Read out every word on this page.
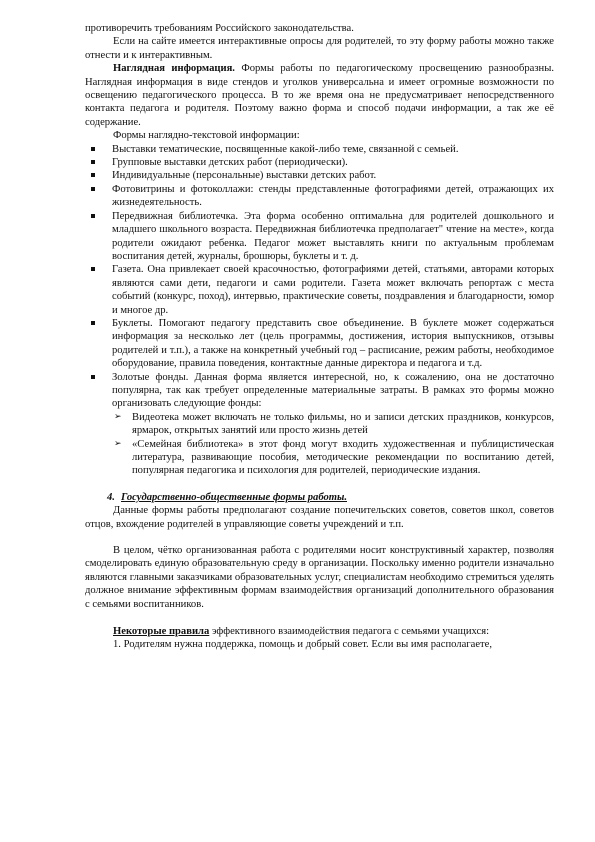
противоречить требованиям Российского законодательства.

Если на сайте имеется интерактивные опросы для родителей, то эту форму работы можно также отнести и к интерактивным.

Наглядная информация. Формы работы по педагогическому просвещению разнообразны. Наглядная информация в виде стендов и уголков универсальна и имеет огромные возможности по освещению педагогического процесса. В то же время она не предусматривает непосредственного контакта педагога и родителя. Поэтому важно форма и способ подачи информации, а так же её содержание.

Формы наглядно-текстовой информации:

Выставки тематические, посвященные какой-либо теме, связанной с семьей.
Групповые выставки детских работ (периодически).
Индивидуальные (персональные) выставки детских работ.
Фотовитрины и фотоколлажи: стенды представленные фотографиями детей, отражающих их жизнедеятельность.
Передвижная библиотечка. Эта форма особенно оптимальна для родителей дошкольного и младшего школьного возраста. Передвижная библиотечка предполагает" чтение на месте», когда родители ожидают ребенка. Педагог может выставлять книги по актуальным проблемам воспитания детей, журналы, брошюры, буклеты и т. д.
Газета. Она привлекает своей красочностью, фотографиями детей, статьями, авторами которых являются сами дети, педагоги и сами родители. Газета может включать репортаж с места событий (конкурс, поход), интервью, практические советы, поздравления и благодарности, юмор и многое др.
Буклеты. Помогают педагогу представить свое объединение. В буклете может содержаться информация за несколько лет (цель программы, достижения, история выпускников, отзывы родителей и т.п.), а также на конкретный учебный год – расписание, режим работы, необходимое оборудование, правила поведения, контактные данные директора и педагога и т.д.
Золотые фонды. Данная форма является интересной, но, к сожалению, она не достаточно популярна, так как требует определенные материальные затраты. В рамках это формы можно организовать следующие фонды:
➢ Видеотека может включать не только фильмы, но и записи детских праздников, конкурсов, ярмарок, открытых занятий или просто жизнь детей
➢ «Семейная библиотека» в этот фонд могут входить художественная и публицистическая литература, развивающие пособия, методические рекомендации по воспитанию детей, популярная педагогика и психология для родителей, периодические издания.

4. Государственно-общественные формы работы.

Данные формы работы предполагают создание попечительских советов, советов школ, советов отцов, вхождение родителей в управляющие советы учреждений и т.п.

В целом, чётко организованная работа с родителями носит конструктивный характер, позволяя смоделировать единую образовательную среду в организации. Поскольку именно родители изначально являются главными заказчиками образовательных услуг, специалистам необходимо стремиться уделять должное внимание эффективным формам взаимодействия организаций дополнительного образования с семьями воспитанников.

Некоторые правила эффективного взаимодействия педагога с семьями учащихся:

1. Родителям нужна поддержка, помощь и добрый совет. Если вы имя располагаете,
